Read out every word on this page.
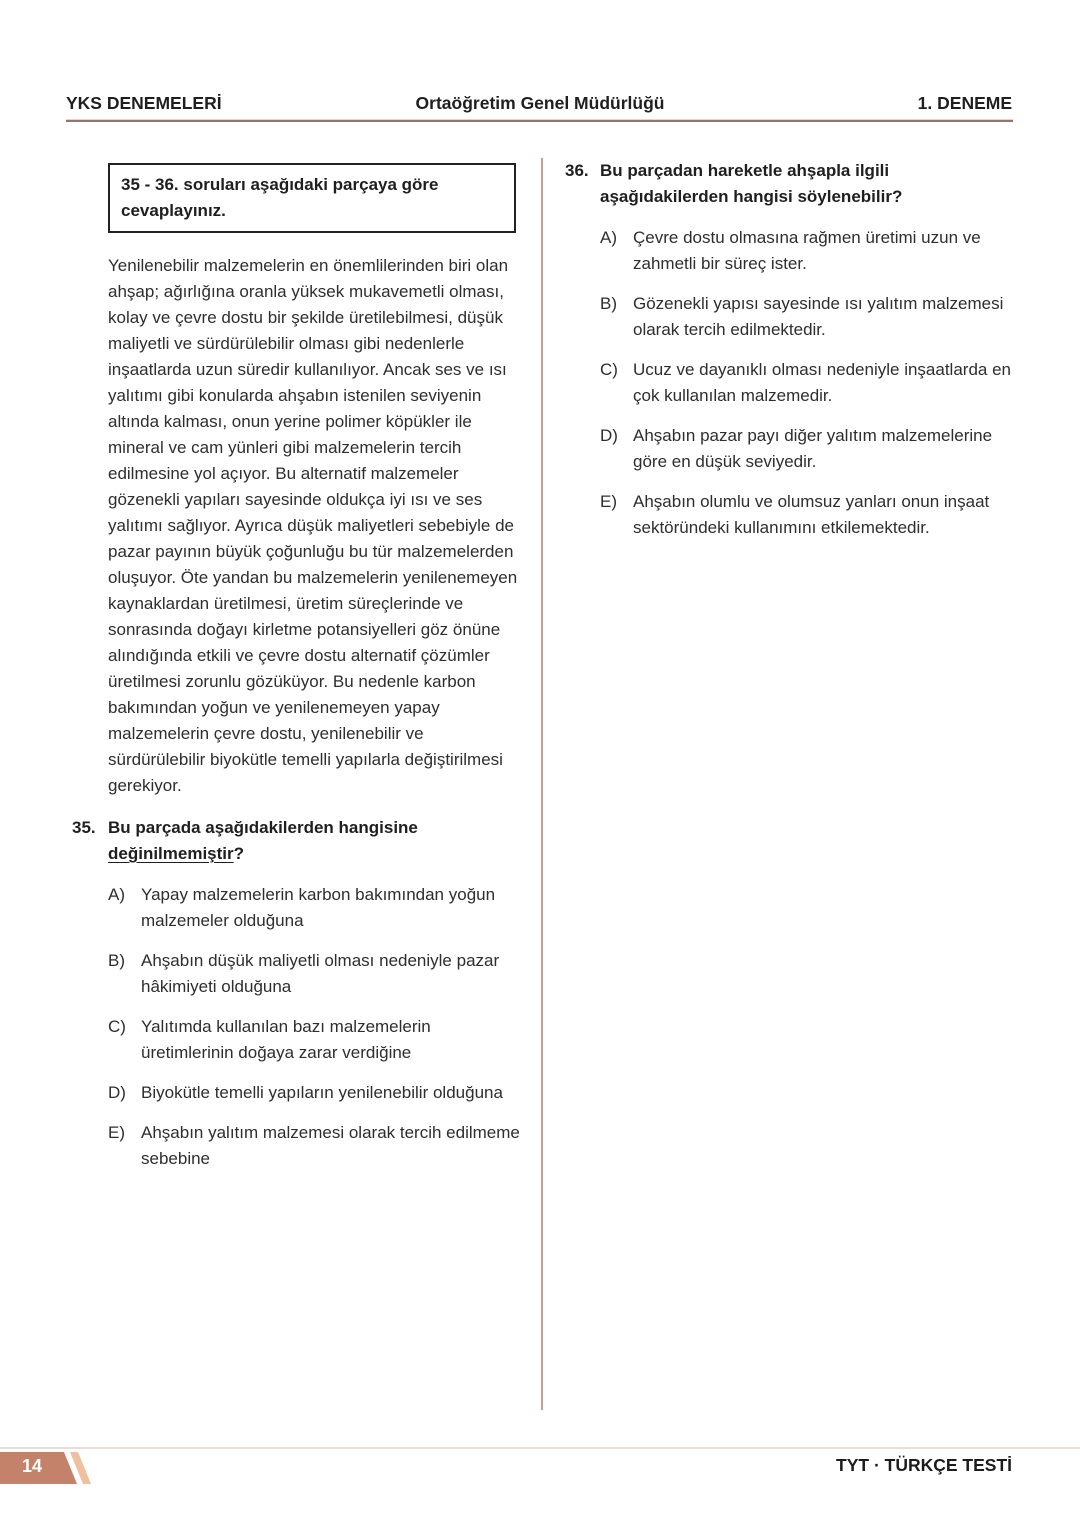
YKS DENEMELERİ	Ortaöğretim Genel Müdürlüğü	1. DENEME
35 - 36. soruları aşağıdaki parçaya göre cevaplayınız.
Yenilenebilir malzemelerin en önemlilerinden biri olan ahşap; ağırlığına oranla yüksek mukavemetli olması, kolay ve çevre dostu bir şekilde üretilebilmesi, düşük maliyetli ve sürdürülebilir olması gibi nedenlerle inşaatlarda uzun süredir kullanılıyor. Ancak ses ve ısı yalıtımı gibi konularda ahşabın istenilen seviyenin altında kalması, onun yerine polimer köpükler ile mineral ve cam yünleri gibi malzemelerin tercih edilmesine yol açıyor. Bu alternatif malzemeler gözenekli yapıları sayesinde oldukça iyi ısı ve ses yalıtımı sağlıyor. Ayrıca düşük maliyetleri sebebiyle de pazar payının büyük çoğunluğu bu tür malzemelerden oluşuyor. Öte yandan bu malzemelerin yenilenemeyen kaynaklardan üretilmesi, üretim süreçlerinde ve sonrasında doğayı kirletme potansiyelleri göz önüne alındığında etkili ve çevre dostu alternatif çözümler üretilmesi zorunlu gözüküyor. Bu nedenle karbon bakımından yoğun ve yenilenemeyen yapay malzemelerin çevre dostu, yenilenebilir ve sürdürülebilir biyokütle temelli yapılarla değiştirilmesi gerekiyor.
35. Bu parçada aşağıdakilerden hangisine değinilmemiştir?
A) Yapay malzemelerin karbon bakımından yoğun malzemeler olduğuna
B) Ahşabın düşük maliyetli olması nedeniyle pazar hâkimiyeti olduğuna
C) Yalıtımda kullanılan bazı malzemelerin üretimlerinin doğaya zarar verdiğine
D) Biyokütle temelli yapıların yenilenebilir olduğuna
E) Ahşabın yalıtım malzemesi olarak tercih edilmeme sebebine
36. Bu parçadan hareketle ahşapla ilgili aşağıdakilerden hangisi söylenebilir?
A) Çevre dostu olmasına rağmen üretimi uzun ve zahmetli bir süreç ister.
B) Gözenekli yapısı sayesinde ısı yalıtım malzemesi olarak tercih edilmektedir.
C) Ucuz ve dayanıklı olması nedeniyle inşaatlarda en çok kullanılan malzemedir.
D) Ahşabın pazar payı diğer yalıtım malzemelerine göre en düşük seviyedir.
E) Ahşabın olumlu ve olumsuz yanları onun inşaat sektöründeki kullanımını etkilemektedir.
14	TYT · TÜRKÇE TESTİ
